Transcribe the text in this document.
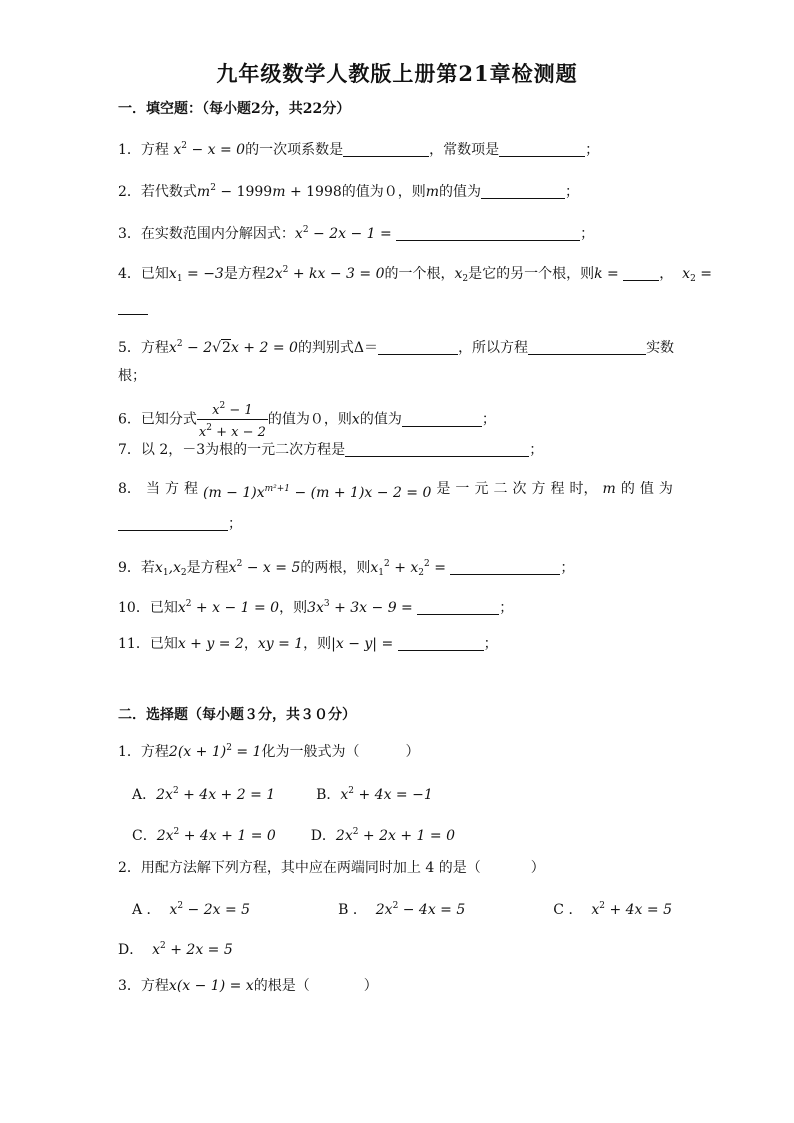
九年级数学人教版上册第21章检测题
一．填空题：（每小题2分，共22分）
1．方程 $x^2 - x = 0$的一次项系数是	，常数项是	；
2．若代数式$m^2 - 1999m + 1998$的值为０，则m的值为	；
3．在实数范围内分解因式：$x^2 - 2x - 1$ =	；
4．已知$x_1 = -3$是方程$2x^2$ + kx − 3 = 0的一个根，$x_2$是它的另一个根，则k =	， $x_2$ =
5．方程$x^2 - 2√2x + 2 = 0$的判别式Δ＝	，所以方程	实数
根；
6．已知分式 $\frac{x^2 - 1}{x^2 + x - 2}$ 的值为０，则x的值为	；
7．以 2，－3为根的一元二次方程是	；
8． 当 方 程 $(m - 1)x^{m^2+1} - (m + 1)x - 2 = 0$ 是 一 元 二 次 方 程 时， m 的 值 为
；
9．若$x_1,x_2$是方程$x^2 - x = 5$的两根，则$x_1^2 + x_2^2$ =	；
10．已知$x^2 + x - 1 = 0$，则$3x^3 + 3x - 9$ =	；
11．已知x + y = 2，xy = 1，则|x − y| =	；
二．选择题（每小题３分，共３０分）
1．方程$2(x + 1)^2 = 1$化为一般式为（	）
A．$2x^2 + 4x + 2 = 1$	B．$x^2 + 4x = -1$
C．$2x^2 + 4x + 1 = 0$ D．$2x^2 + 2x + 1 = 0$
2．用配方法解下列方程，其中应在两端同时加上 4 的是（	）
A ． $x^2 - 2x = 5$	B ． $2x^2 - 4x = 5$	C ． $x^2 + 4x = 5$
D． $x^2 + 2x = 5$
3．方程x(x − 1) = x的根是（	）
